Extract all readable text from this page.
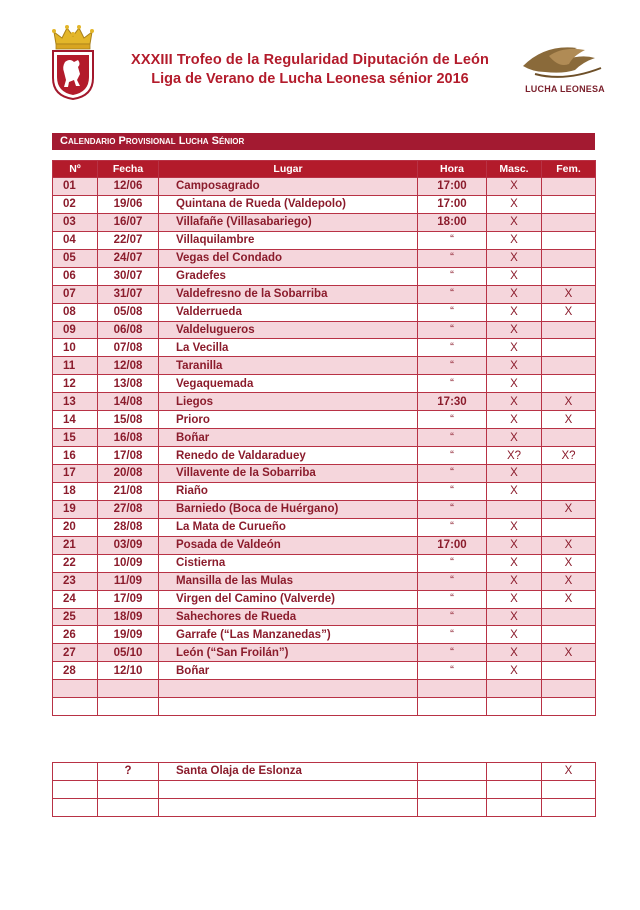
XXXIII Trofeo de la Regularidad Diputación de León
Liga de Verano de Lucha Leonesa sénior 2016
LUCHA LEONESA
Calendario Provisional Lucha Sénior
Nº	Fecha	Lugar	Hora	Masc.	Fem.
01	12/06	Camposagrado	17:00	X	
02	19/06	Quintana de Rueda (Valdepolo)	17:00	X	
03	16/07	Villafañe (Villasabariego)	18:00	X	
04	22/07	Villaquilambre	“	X	
05	24/07	Vegas del Condado	“	X	
06	30/07	Gradefes	“	X	
07	31/07	Valdefresno de la Sobarriba	“	X	X
08	05/08	Valderrueda	“	X	X
09	06/08	Valdelugueros	“	X	
10	07/08	La Vecilla	“	X	
11	12/08	Taranilla	“	X	
12	13/08	Vegaquemada	“	X	
13	14/08	Liegos	17:30	X	X
14	15/08	Prioro	“	X	X
15	16/08	Boñar	“	X	
16	17/08	Renedo de Valdaraduey	“	X?	X?
17	20/08	Villavente de la Sobarriba	“	X	
18	21/08	Riaño	“	X	
19	27/08	Barniedo (Boca de Huérgano)	“		X
20	28/08	La Mata de Curueño	“	X	
21	03/09	Posada de Valdeón	17:00	X	X
22	10/09	Cistierna	“	X	X
23	11/09	Mansilla de las Mulas	“	X	X
24	17/09	Virgen del Camino (Valverde)	“	X	X
25	18/09	Sahechores de Rueda	“	X	
26	19/09	Garrafe (“Las Manzanedas”)	“	X	
27	05/10	León (“San Froilán”)	“	X	X
28	12/10	Boñar	“	X	

	?	Santa Olaja de Eslonza			X
